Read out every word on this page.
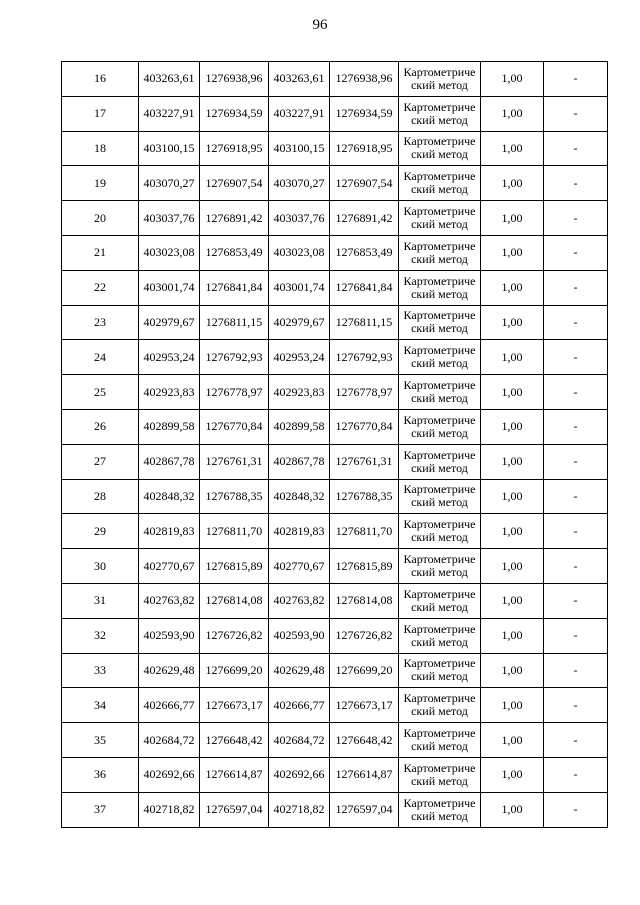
96
16	403263,61	1276938,96	403263,61	1276938,96	Картометриче
ский метод	1,00	-
17	403227,91	1276934,59	403227,91	1276934,59	Картометриче
ский метод	1,00	-
18	403100,15	1276918,95	403100,15	1276918,95	Картометриче
ский метод	1,00	-
19	403070,27	1276907,54	403070,27	1276907,54	Картометриче
ский метод	1,00	-
20	403037,76	1276891,42	403037,76	1276891,42	Картометриче
ский метод	1,00	-
21	403023,08	1276853,49	403023,08	1276853,49	Картометриче
ский метод	1,00	-
22	403001,74	1276841,84	403001,74	1276841,84	Картометриче
ский метод	1,00	-
23	402979,67	1276811,15	402979,67	1276811,15	Картометриче
ский метод	1,00	-
24	402953,24	1276792,93	402953,24	1276792,93	Картометриче
ский метод	1,00	-
25	402923,83	1276778,97	402923,83	1276778,97	Картометриче
ский метод	1,00	-
26	402899,58	1276770,84	402899,58	1276770,84	Картометриче
ский метод	1,00	-
27	402867,78	1276761,31	402867,78	1276761,31	Картометриче
ский метод	1,00	-
28	402848,32	1276788,35	402848,32	1276788,35	Картометриче
ский метод	1,00	-
29	402819,83	1276811,70	402819,83	1276811,70	Картометриче
ский метод	1,00	-
30	402770,67	1276815,89	402770,67	1276815,89	Картометриче
ский метод	1,00	-
31	402763,82	1276814,08	402763,82	1276814,08	Картометриче
ский метод	1,00	-
32	402593,90	1276726,82	402593,90	1276726,82	Картометриче
ский метод	1,00	-
33	402629,48	1276699,20	402629,48	1276699,20	Картометриче
ский метод	1,00	-
34	402666,77	1276673,17	402666,77	1276673,17	Картометриче
ский метод	1,00	-
35	402684,72	1276648,42	402684,72	1276648,42	Картометриче
ский метод	1,00	-
36	402692,66	1276614,87	402692,66	1276614,87	Картометриче
ский метод	1,00	-
37	402718,82	1276597,04	402718,82	1276597,04	Картометриче
ский метод	1,00	-
